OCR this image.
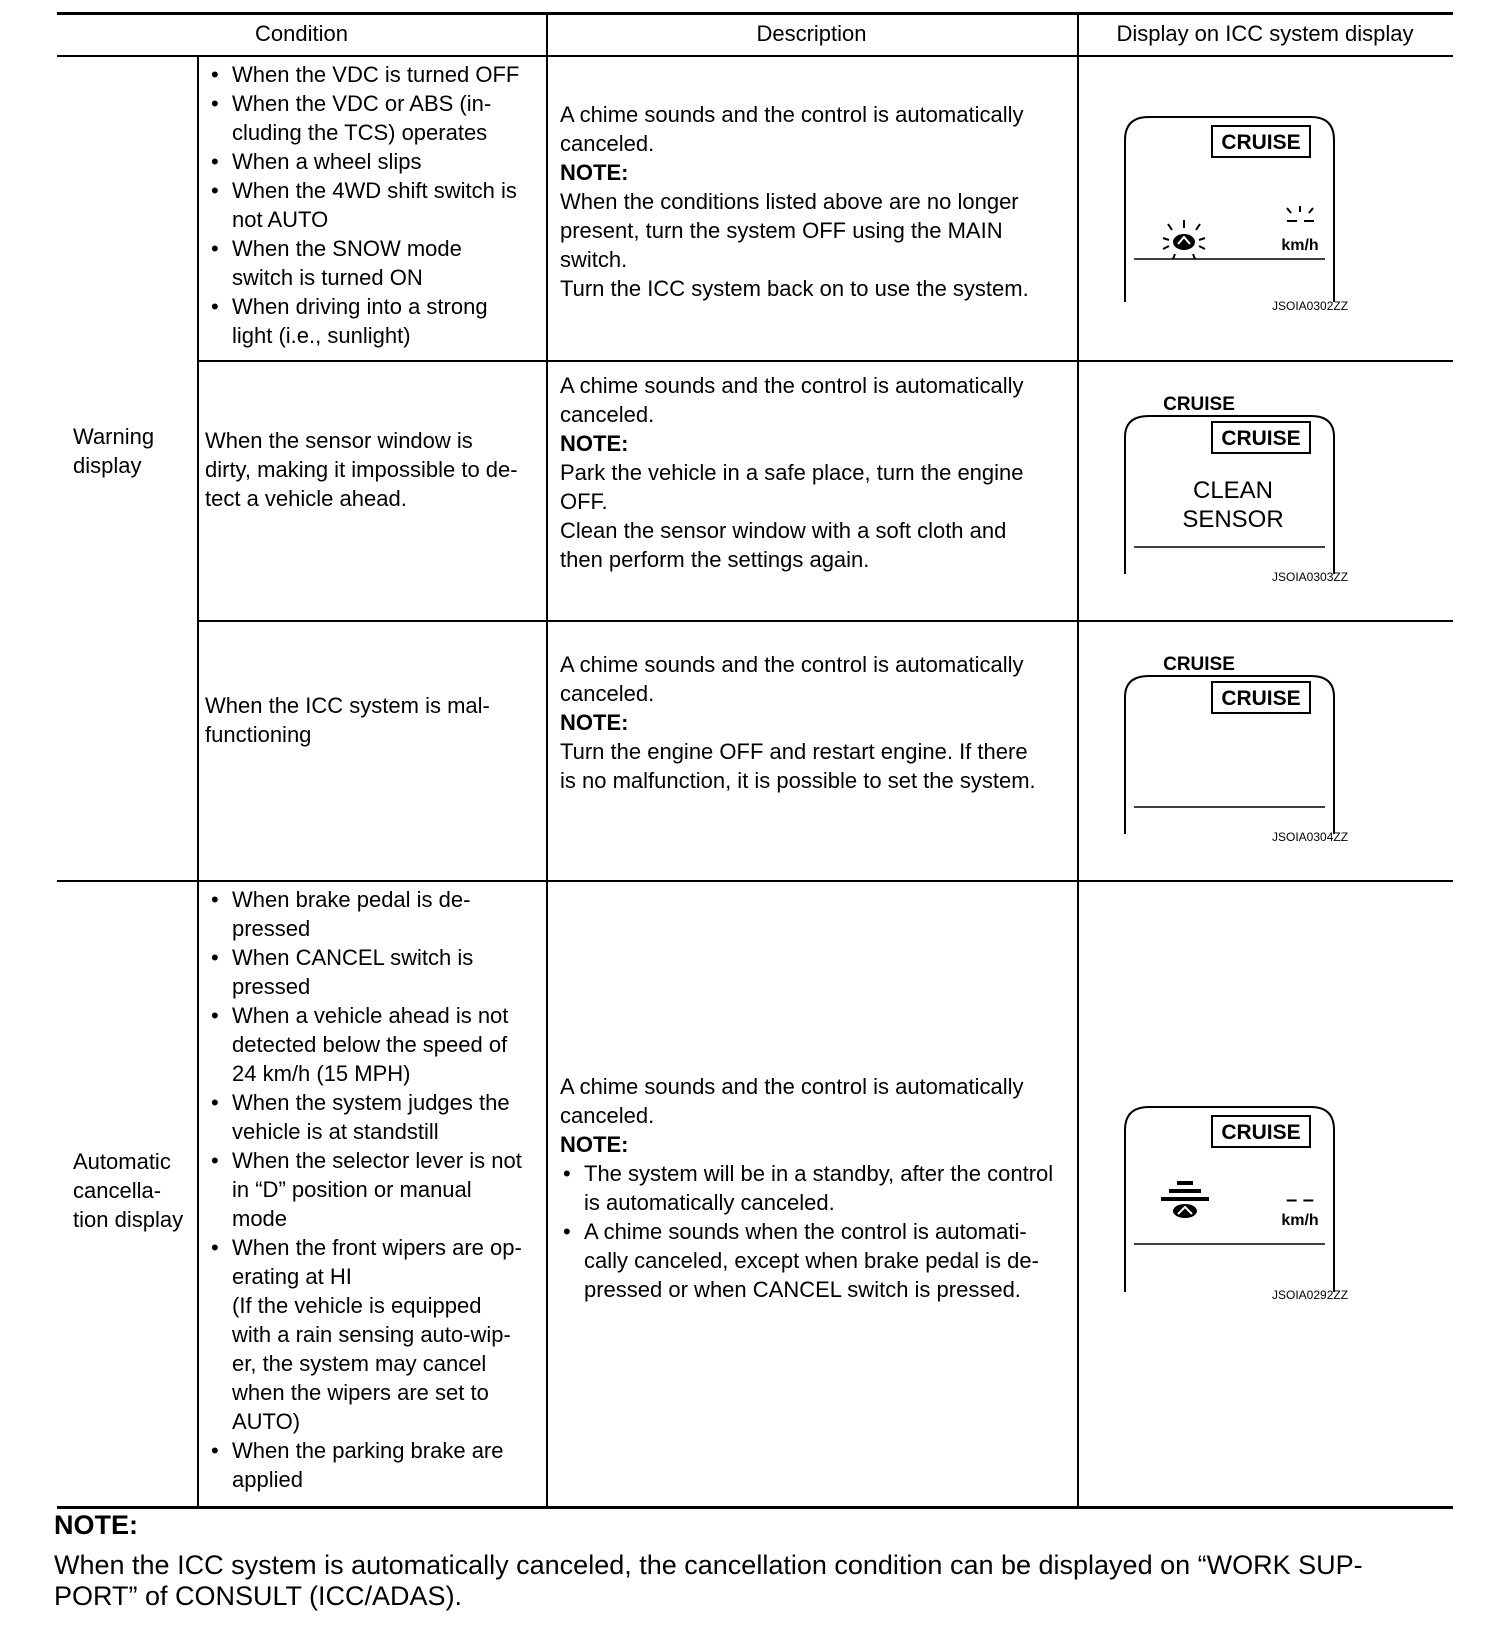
Condition	Description	Display on ICC system display
Warning display
Automatic
cancella-
tion display
• When the VDC is turned OFF
• When the VDC or ABS (in-
cluding the TCS) operates
• When a wheel slips
• When the 4WD shift switch is
not AUTO
• When the SNOW mode
switch is turned ON
• When driving into a strong
light (i.e., sunlight)

A chime sounds and the control is automatically

canceled.

NOTE:

When the conditions listed above are no longer

present, turn the system OFF using the MAIN

switch.

Turn the ICC system back on to use the system.

CRUISE
km/h
JSOIA0302ZZ
When the sensor window is
dirty, making it impossible to de-
tect a vehicle ahead.

A chime sounds and the control is automatically

canceled.

NOTE:

Park the vehicle in a safe place, turn the engine

OFF.

Clean the sensor window with a soft cloth and

then perform the settings again.

CRUISE
CRUISE
CLEAN
SENSOR
JSOIA0303ZZ
When the ICC system is mal-
functioning

A chime sounds and the control is automatically

canceled.

NOTE:

Turn the engine OFF and restart engine. If there

is no malfunction, it is possible to set the system.

CRUISE
CRUISE
JSOIA0304ZZ
• When brake pedal is de-
pressed
• When CANCEL switch is
pressed
• When a vehicle ahead is not
detected below the speed of
24 km/h (15 MPH)
• When the system judges the
vehicle is at standstill
• When the selector lever is not
in “D” position or manual
mode
• When the front wipers are op-
erating at HI
(If the vehicle is equipped
with a rain sensing auto-wip-
er, the system may cancel
when the wipers are set to
AUTO)
• When the parking brake are
applied

A chime sounds and the control is automatically

canceled.

NOTE:

• The system will be in a standby, after the control
is automatically canceled.
• A chime sounds when the control is automati-
cally canceled, except when brake pedal is de-
pressed or when CANCEL switch is pressed.
CRUISE
– –
km/h
JSOIA0292ZZ
NOTE:
When the ICC system is automatically canceled, the cancellation condition can be displayed on “WORK SUP-
PORT” of CONSULT (ICC/ADAS).
